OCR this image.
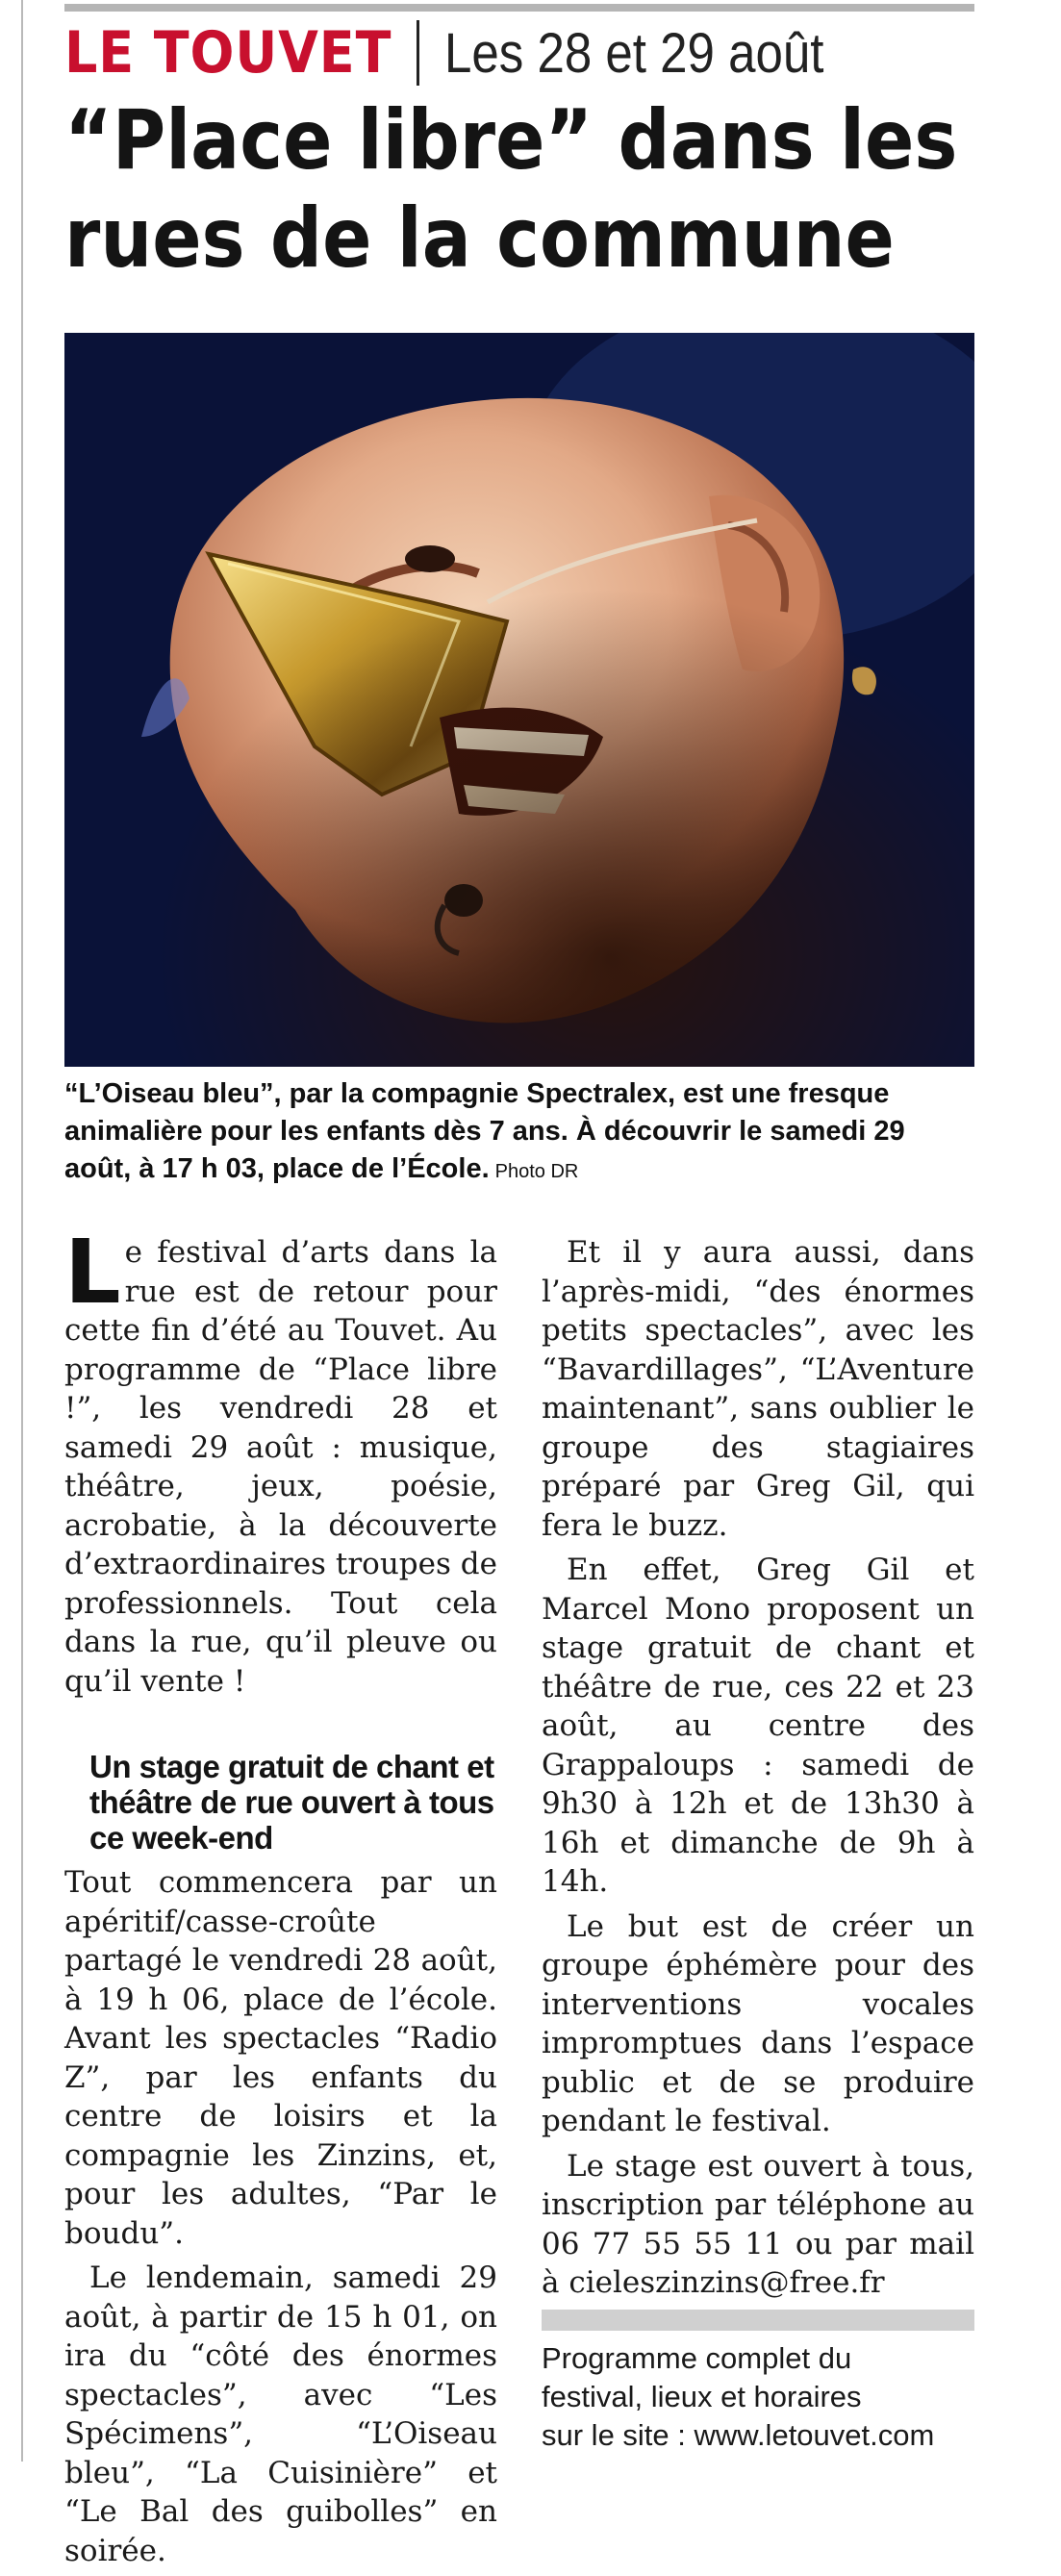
LE TOUVET Les 28 et 29 août
“Place libre” dans les
rues de la commune
“L’Oiseau bleu”, par la compagnie Spectralex, est une fresque animalière pour les enfants dès 7 ans. À découvrir le samedi 29 août, à 17 h 03, place de l’École. Photo DR

Le festival d’arts dans la rue est de retour pour cette fin d’été au Touvet. Au programme de “Place libre !”, les vendredi 28 et samedi 29 août : musique, théâtre, jeux, poésie, acrobatie, à la découverte d’extraordinaires troupes de professionnels. Tout cela dans la rue, qu’il pleuve ou qu’il vente !

Un stage gratuit de chant et théâtre de rue ouvert à tous ce week-end

Tout commencera par un apéritif/casse-croûte partagé le vendredi 28 août, à 19 h 06, place de l’école. Avant les spectacles “Radio Z”, par les enfants du centre de loisirs et la compagnie les Zinzins, et, pour les adultes, “Par le boudu”.

Le lendemain, samedi 29 août, à partir de 15 h 01, on ira du “côté des énormes spectacles”, avec “Les Spécimens”, “L’Oiseau bleu”, “La Cuisinière” et “Le Bal des guibolles” en soirée.

Et il y aura aussi, dans l’après-midi, “des énormes petits spectacles”, avec les “Bavardillages”, “L’Aventure maintenant”, sans oublier le groupe des stagiaires préparé par Greg Gil, qui fera le buzz.

En effet, Greg Gil et Marcel Mono proposent un stage gratuit de chant et théâtre de rue, ces 22 et 23 août, au centre des Grappaloups : samedi de 9h30 à 12h et de 13h30 à 16h et dimanche de 9h à 14h.

Le but est de créer un groupe éphémère pour des interventions vocales impromptues dans l’espace public et de se produire pendant le festival.

Le stage est ouvert à tous, inscription par téléphone au 06 77 55 55 11 ou par mail à cieleszinzins@free.fr

Programme complet du
festival, lieux et horaires
sur le site : www.letouvet.com
